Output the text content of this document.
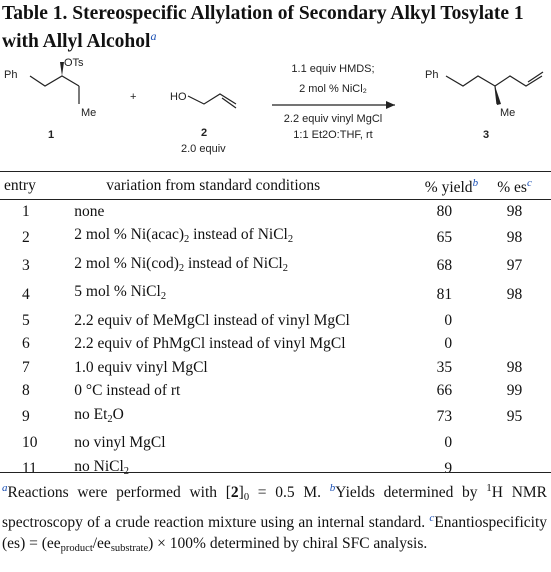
Table 1. Stereospecific Allylation of Secondary Alkyl Tosylate 1 with Allyl Alcohol$^a$
Ph
OTs
Me
1
+	HO
2
2.0 equiv
1.1 equiv HMDS;
2 mol % NiCl₂
2.2 equiv vinyl MgCl
1:1 Et2O:THF, rt
Ph
Me
3
entry	variation from standard conditions	% yield$^b$	% es$^c$
1	none	80	98
2	2 mol % $Ni(acac)_2$ instead of NiCl$_2$	65	98
3	2 mol % $Ni(cod)_2$ instead of NiCl$_2$	68	97
4	5 mol % NiCl$_2$	81	98
5	2.2 equiv of MeMgCl instead of vinyl MgCl	0	
6	2.2 equiv of PhMgCl instead of vinyl MgCl	0	
7	1.0 equiv vinyl MgCl	35	98
8	0 °C instead of rt	66	99
9	no $Et_2O$	73	95
10	no vinyl MgCl	0	
11	no NiCl$_2$	9	
$^a$Reactions were performed with $[2]_0 = 0.5$ M. $^b$Yields determined by $^1$H NMR spectroscopy of a crude reaction mixture using an internal standard. $^c$Enantiospecificity $(es) = (ee_{product}/ee_{substrate}) \times 100\%$ determined by chiral SFC analysis.
